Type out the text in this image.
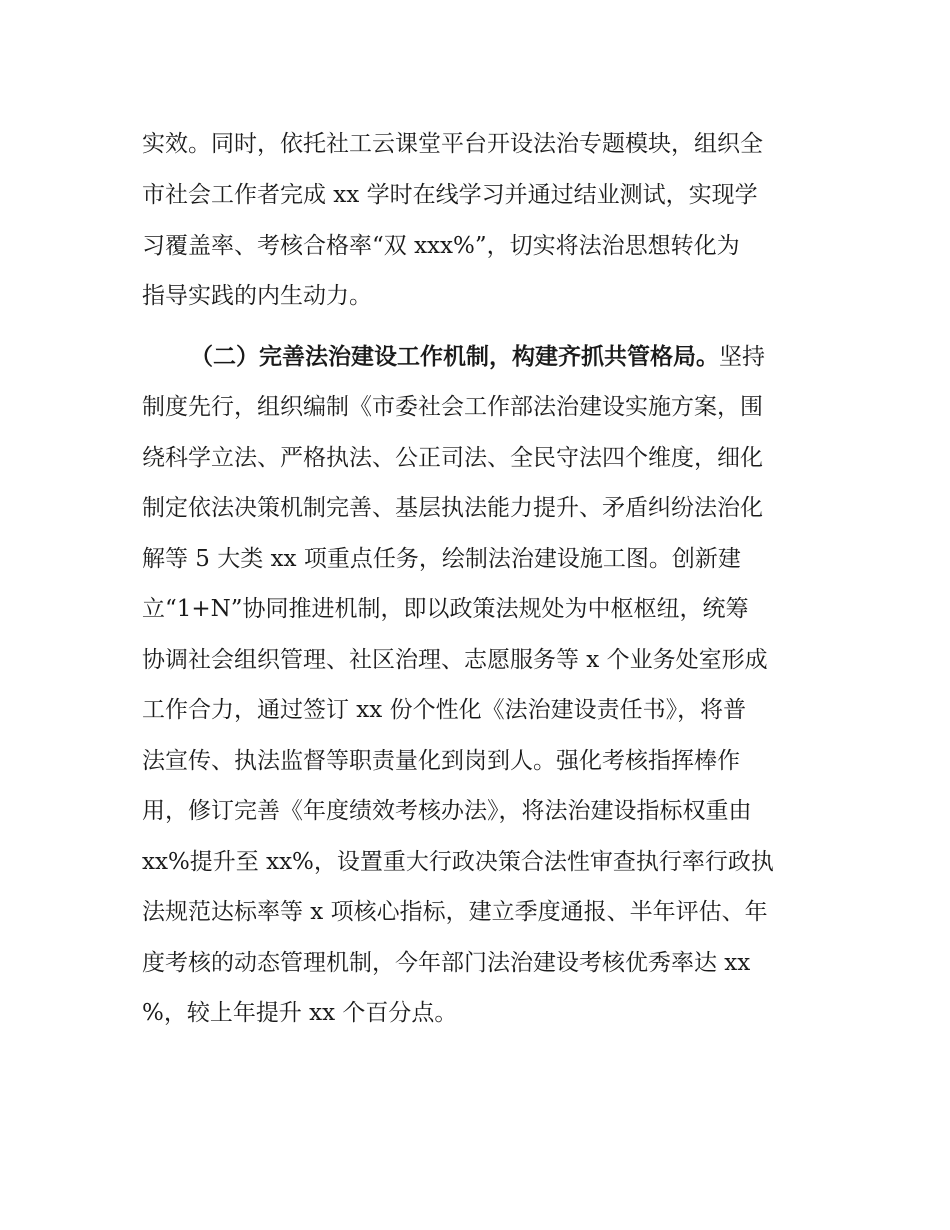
实效。同时，依托社工云课堂平台开设法治专题模块，组织全
市社会工作者完成 xx 学时在线学习并通过结业测试，实现学
习覆盖率、考核合格率“双 xxx%”，切实将法治思想转化为
指导实践的内生动力。
（二）完善法治建设工作机制，构建齐抓共管格局。坚持
制度先行，组织编制《市委社会工作部法治建设实施方案，围
绕科学立法、严格执法、公正司法、全民守法四个维度，细化
制定依法决策机制完善、基层执法能力提升、矛盾纠纷法治化
解等 5 大类 xx 项重点任务，绘制法治建设施工图。创新建
立“1+N”协同推进机制，即以政策法规处为中枢枢纽，统筹
协调社会组织管理、社区治理、志愿服务等 x 个业务处室形成
工作合力，通过签订 xx 份个性化《法治建设责任书》，将普
法宣传、执法监督等职责量化到岗到人。强化考核指挥棒作
用，修订完善《年度绩效考核办法》，将法治建设指标权重由
xx%提升至 xx%，设置重大行政决策合法性审查执行率行政执
法规范达标率等 x 项核心指标，建立季度通报、半年评估、年
度考核的动态管理机制，今年部门法治建设考核优秀率达 xx
%，较上年提升 xx 个百分点。
